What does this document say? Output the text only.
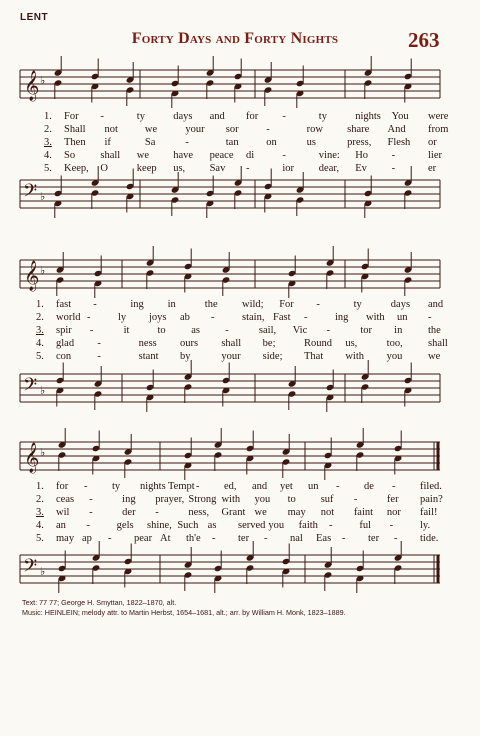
LENT
Forty Days and Forty Nights	263
𝄞 ♭
𝄢 ♭
𝄞 ♭
𝄢 ♭
𝄞 ♭
𝄢 ♭
1. For -	ty	days and for -	ty	nights You were
2. Shall not	we	your sor	-	row share And from
3. Then if	Sa	-	tan	on	us	press, Flesh or
4. So shall we have peace di	-	vine: Ho -	lier
5. Keep, O	keep us, Sav -	ior dear, Ev -	er
1. fast -	ing in	the wild; For -	ty	days and
2. world -	ly joys ab -	stain, Fast -	ing with un -
3. spir -	it	to as -	sail, Vic -	tor in the
4. glad -	ness ours shall be;	Round us,	too, shall
5. con -	stant by	your side; That with you we
1. for - ty nights Tempt - ed, and yet un - de - filed.
2. ceas -	ing prayer, Strong with you to suf -	fer pain?
3. wil -	der -	ness, Grant we may not faint nor fail!
4. an -	gels shine, Such as served you faith -	ful -	ly.
5. may ap - pear At th'e - ter - nal Eas - ter - tide.
Text: 77 77; George H. Smyttan, 1822–1870, alt.
Music: HEINLEIN; melody attr. to Martin Herbst, 1654–1681, alt.; arr. by William H. Monk, 1823–1889.
